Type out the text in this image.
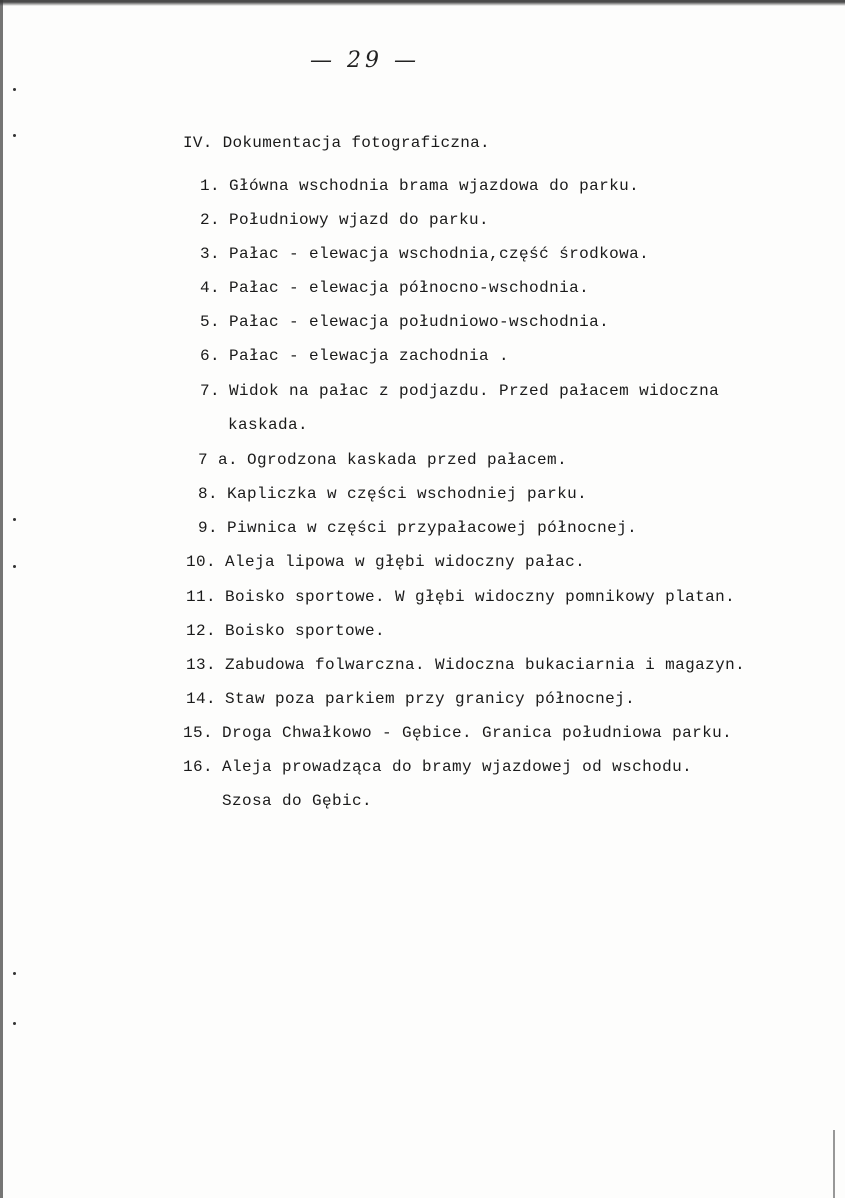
— 29 —
IV. Dokumentacja fotograficzna.
1. Główna wschodnia brama wjazdowa do parku.
2. Południowy wjazd do parku.
3. Pałac - elewacja wschodnia,część środkowa.
4. Pałac - elewacja północno-wschodnia.
5. Pałac - elewacja południowo-wschodnia.
6. Pałac - elewacja zachodnia .
7. Widok na pałac z podjazdu. Przed pałacem widoczna
kaskada.
7 a. Ogrodzona kaskada przed pałacem.
8. Kapliczka w części wschodniej parku.
9. Piwnica w części przypałacowej północnej.
10. Aleja lipowa w głębi widoczny pałac.
11. Boisko sportowe. W głębi widoczny pomnikowy platan.
12. Boisko sportowe.
13. Zabudowa folwarczna. Widoczna bukaciarnia i magazyn.
14. Staw poza parkiem przy granicy północnej.
15. Droga Chwałkowo - Gębice. Granica południowa parku.
16. Aleja prowadząca do bramy wjazdowej od wschodu.
Szosa do Gębic.
